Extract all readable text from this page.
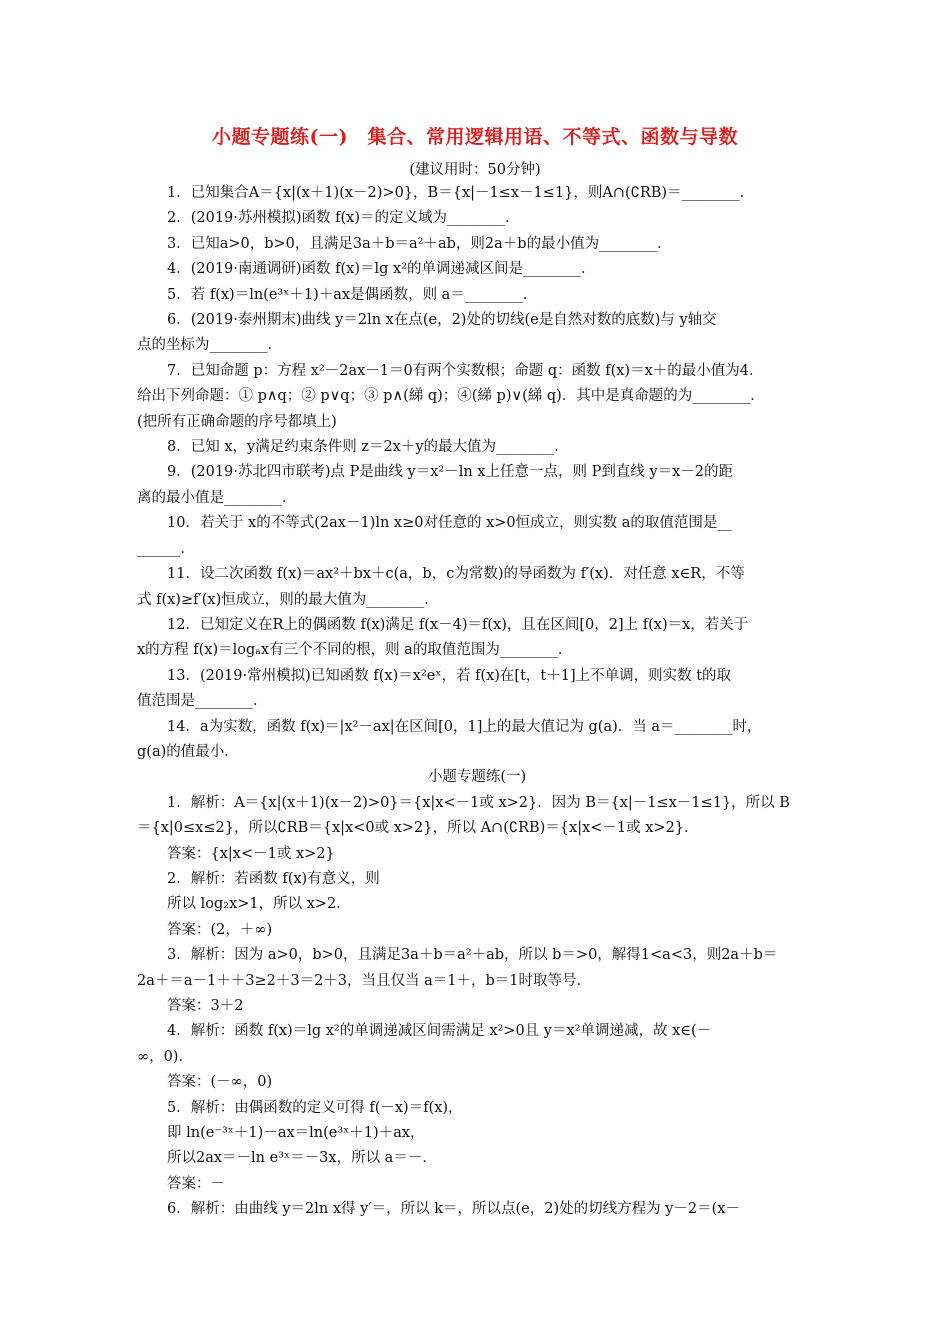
小题专题练(一)　集合、常用逻辑用语、不等式、函数与导数
(建议用时：50分钟)
1．已知集合A＝{x|(x＋1)(x－2)>0}，B＝{x|－1≤x－1≤1}，则A∩(∁RB)＝________．
2．(2019·苏州模拟)函数 f(x)＝的定义域为________．
3．已知a>0，b>0，且满足3a＋b＝a²＋ab，则2a＋b的最小值为________．
4．(2019·南通调研)函数 f(x)＝lg x²的单调递减区间是________．
5．若 f(x)＝ln(e³ˣ＋1)＋ax是偶函数，则 a＝________．
6．(2019·泰州期末)曲线 y＝2ln x在点(e，2)处的切线(e是自然对数的底数)与 y轴交
点的坐标为________．
7．已知命题 p：方程 x²－2ax－1＝0有两个实数根；命题 q：函数 f(x)＝x＋的最小值为4．
给出下列命题：① p∧q；② p∨q；③ p∧(綈 q)；④(綈 p)∨(綈 q)．其中是真命题的为________．
(把所有正确命题的序号都填上)
8．已知 x，y满足约束条件则 z＝2x＋y的最大值为________．
9．(2019·苏北四市联考)点 P是曲线 y＝x²－ln x上任意一点，则 P到直线 y＝x－2的距
离的最小值是________．
10．若关于 x的不等式(2ax－1)ln x≥0对任意的 x>0恒成立，则实数 a的取值范围是__
______．
11．设二次函数 f(x)＝ax²＋bx＋c(a，b，c为常数)的导函数为 f′(x)．对任意 x∈R，不等
式 f(x)≥f′(x)恒成立，则的最大值为________．
12．已知定义在R上的偶函数 f(x)满足 f(x－4)＝f(x)，且在区间[0，2]上 f(x)＝x，若关于
x的方程 f(x)＝logₐx有三个不同的根，则 a的取值范围为________．
13．(2019·常州模拟)已知函数 f(x)＝x²eˣ，若 f(x)在[t，t＋1]上不单调，则实数 t的取
值范围是________．
14．a为实数，函数 f(x)＝|x²－ax|在区间[0，1]上的最大值记为 g(a)．当 a＝________时，
g(a)的值最小．
小题专题练(一)
1．解析：A＝{x|(x＋1)(x－2)>0}＝{x|x<－1或 x>2}．因为 B＝{x|－1≤x－1≤1}，所以 B
＝{x|0≤x≤2}，所以∁RB＝{x|x<0或 x>2}，所以 A∩(∁RB)＝{x|x<－1或 x>2}．
答案：{x|x<－1或 x>2}
2．解析：若函数 f(x)有意义，则
所以 log₂x>1，所以 x>2．
答案：(2，＋∞)
3．解析：因为 a>0，b>0，且满足3a＋b＝a²＋ab，所以 b＝>0，解得1<a<3，则2a＋b＝
2a＋＝a－1＋＋3≥2＋3＝2＋3，当且仅当 a＝1＋，b＝1时取等号．
答案：3＋2
4．解析：函数 f(x)＝lg x²的单调递减区间需满足 x²>0且 y＝x²单调递减，故 x∈(－
∞，0)．
答案：(－∞，0)
5．解析：由偶函数的定义可得 f(－x)＝f(x)，
即 ln(e⁻³ˣ＋1)－ax＝ln(e³ˣ＋1)＋ax，
所以2ax＝－ln e³ˣ＝－3x，所以 a＝－．
答案：－
6．解析：由曲线 y＝2ln x得 y′＝，所以 k＝，所以点(e，2)处的切线方程为 y－2＝(x－
